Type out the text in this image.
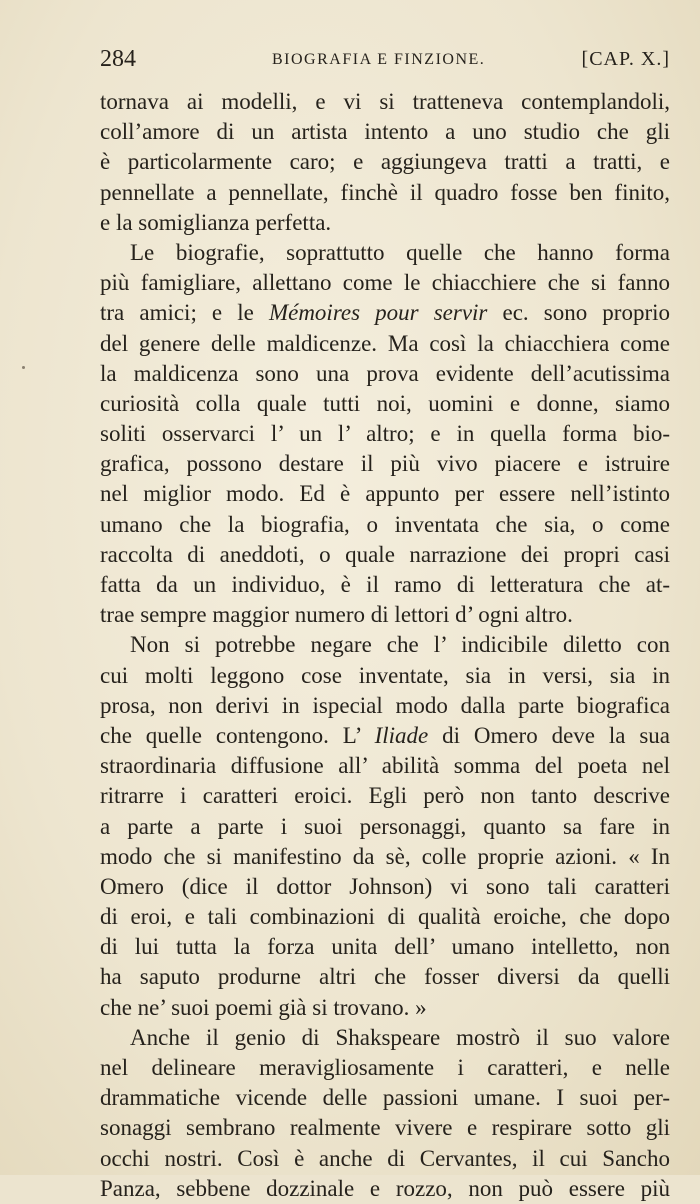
284	BIOGRAFIA E FINZIONE.	[CAP. X.]
tornava ai modelli, e vi si tratteneva contemplandoli,
coll’amore di un artista intento a uno studio che gli
è particolarmente caro; e aggiungeva tratti a tratti, e
pennellate a pennellate, finchè il quadro fosse ben finito,
e la somiglianza perfetta.
Le biografie, soprattutto quelle che hanno forma
più famigliare, allettano come le chiacchiere che si fanno
tra amici; e le Mémoires pour servir ec. sono proprio
del genere delle maldicenze. Ma così la chiacchiera come
la maldicenza sono una prova evidente dell’acutissima
curiosità colla quale tutti noi, uomini e donne, siamo
soliti osservarci l’ un l’ altro; e in quella forma bio-
grafica, possono destare il più vivo piacere e istruire
nel miglior modo. Ed è appunto per essere nell’istinto
umano che la biografia, o inventata che sia, o come
raccolta di aneddoti, o quale narrazione dei propri casi
fatta da un individuo, è il ramo di letteratura che at-
trae sempre maggior numero di lettori d’ ogni altro.
Non si potrebbe negare che l’ indicibile diletto con
cui molti leggono cose inventate, sia in versi, sia in
prosa, non derivi in ispecial modo dalla parte biografica
che quelle contengono. L’ Iliade di Omero deve la sua
straordinaria diffusione all’ abilità somma del poeta nel
ritrarre i caratteri eroici. Egli però non tanto descrive
a parte a parte i suoi personaggi, quanto sa fare in
modo che si manifestino da sè, colle proprie azioni. « In
Omero (dice il dottor Johnson) vi sono tali caratteri
di eroi, e tali combinazioni di qualità eroiche, che dopo
di lui tutta la forza unita dell’ umano intelletto, non
ha saputo produrne altri che fosser diversi da quelli
che ne’ suoi poemi già si trovano. »
Anche il genio di Shakspeare mostrò il suo valore
nel delineare meravigliosamente i caratteri, e nelle
drammatiche vicende delle passioni umane. I suoi per-
sonaggi sembrano realmente vivere e respirare sotto gli
occhi nostri. Così è anche di Cervantes, il cui Sancho
Panza, sebbene dozzinale e rozzo, non può essere più
